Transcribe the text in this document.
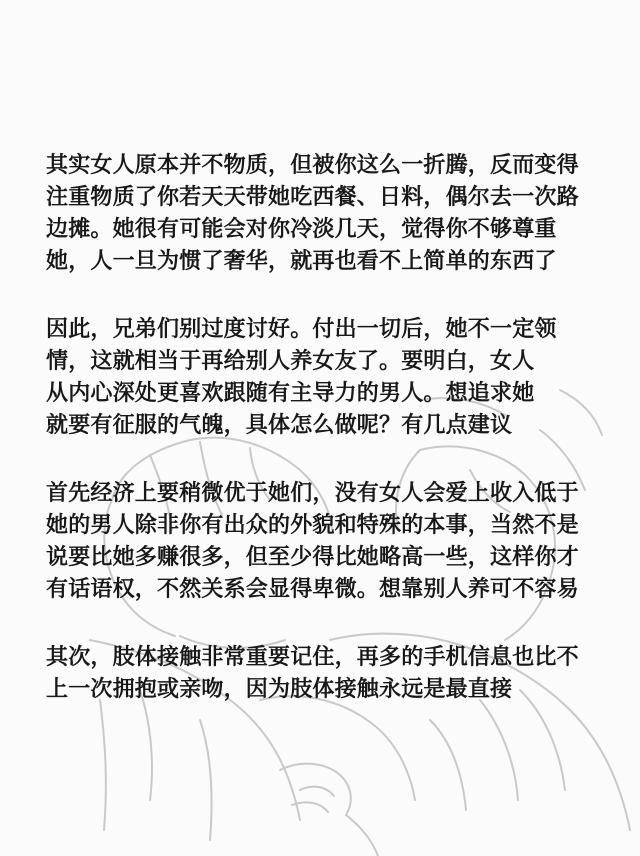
其实女人原本并不物质，但被你这么一折腾，反而变得
注重物质了你若天天带她吃西餐、日料，偶尔去一次路
边摊。她很有可能会对你冷淡几天，觉得你不够尊重
她，人一旦为惯了奢华，就再也看不上简单的东西了
因此，兄弟们别过度讨好。付出一切后，她不一定领
情，这就相当于再给别人养女友了。要明白，女人
从内心深处更喜欢跟随有主导力的男人。想追求她
就要有征服的气魄，具体怎么做呢？有几点建议
首先经济上要稍微优于她们，没有女人会爱上收入低于
她的男人除非你有出众的外貌和特殊的本事，当然不是
说要比她多赚很多，但至少得比她略高一些，这样你才
有话语权，不然关系会显得卑微。想靠别人养可不容易
其次，肢体接触非常重要记住，再多的手机信息也比不
上一次拥抱或亲吻，因为肢体接触永远是最直接
